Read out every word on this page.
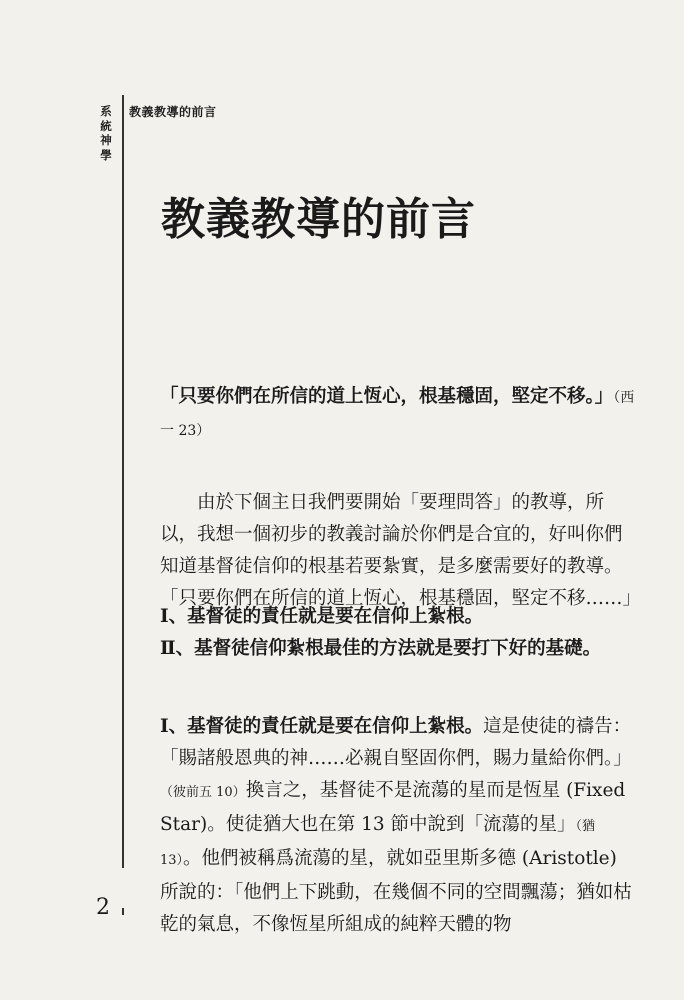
系統神學
教義教導的前言
教義教導的前言
「只要你們在所信的道上恆心，根基穩固，堅定不移。」（西一 23）
由於下個主日我們要開始「要理問答」的教導，所以，我想一個初步的教義討論於你們是合宜的，好叫你們知道基督徒信仰的根基若要紮實，是多麼需要好的教導。「只要你們在所信的道上恆心，根基穩固，堅定不移……」
Ⅰ、基督徒的責任就是要在信仰上紮根。
Ⅱ、基督徒信仰紮根最佳的方法就是要打下好的基礎。
Ⅰ、基督徒的責任就是要在信仰上紮根。這是使徒的禱告：「賜諸般恩典的神……必親自堅固你們，賜力量給你們。」（彼前五 10）換言之，基督徒不是流蕩的星而是恆星 (Fixed Star)。使徒猶大也在第 13 節中說到「流蕩的星」（猶 13）。他們被稱爲流蕩的星，就如亞里斯多德 (Aristotle) 所說的：「他們上下跳動，在幾個不同的空間飄蕩；猶如枯乾的氣息，不像恆星所組成的純粹天體的物
2
